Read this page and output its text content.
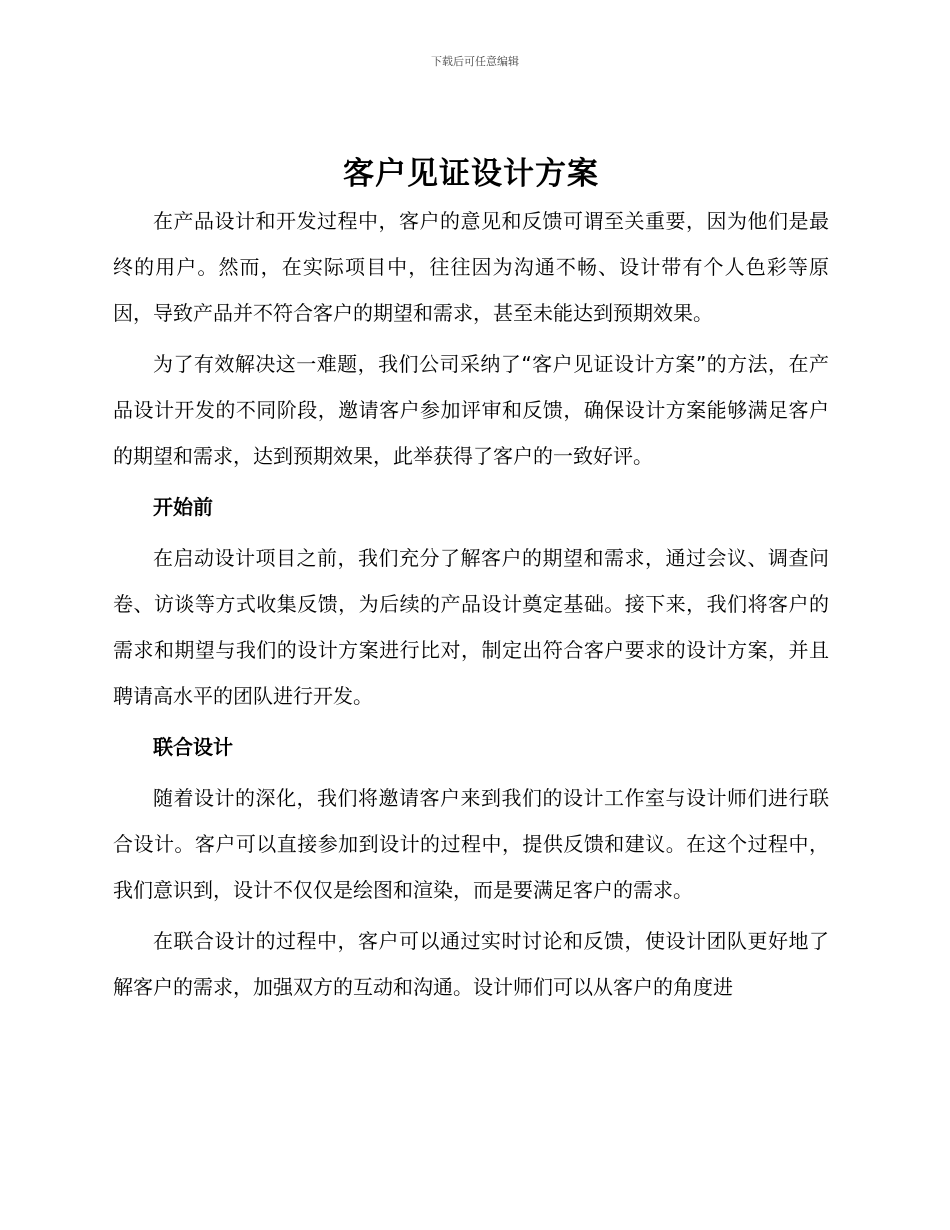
下载后可任意编辑
客户见证设计方案

在产品设计和开发过程中，客户的意见和反馈可谓至关重要，因为他们是最终的用户。然而，在实际项目中，往往因为沟通不畅、设计带有个人色彩等原因，导致产品并不符合客户的期望和需求，甚至未能达到预期效果。

为了有效解决这一难题，我们公司采纳了“客户见证设计方案”的方法，在产品设计开发的不同阶段，邀请客户参加评审和反馈，确保设计方案能够满足客户的期望和需求，达到预期效果，此举获得了客户的一致好评。

开始前

在启动设计项目之前，我们充分了解客户的期望和需求，通过会议、调查问卷、访谈等方式收集反馈，为后续的产品设计奠定基础。接下来，我们将客户的需求和期望与我们的设计方案进行比对，制定出符合客户要求的设计方案，并且聘请高水平的团队进行开发。

联合设计

随着设计的深化，我们将邀请客户来到我们的设计工作室与设计师们进行联合设计。客户可以直接参加到设计的过程中，提供反馈和建议。在这个过程中，我们意识到，设计不仅仅是绘图和渲染，而是要满足客户的需求。

在联合设计的过程中，客户可以通过实时讨论和反馈，使设计团队更好地了解客户的需求，加强双方的互动和沟通。设计师们可以从客户的角度进
